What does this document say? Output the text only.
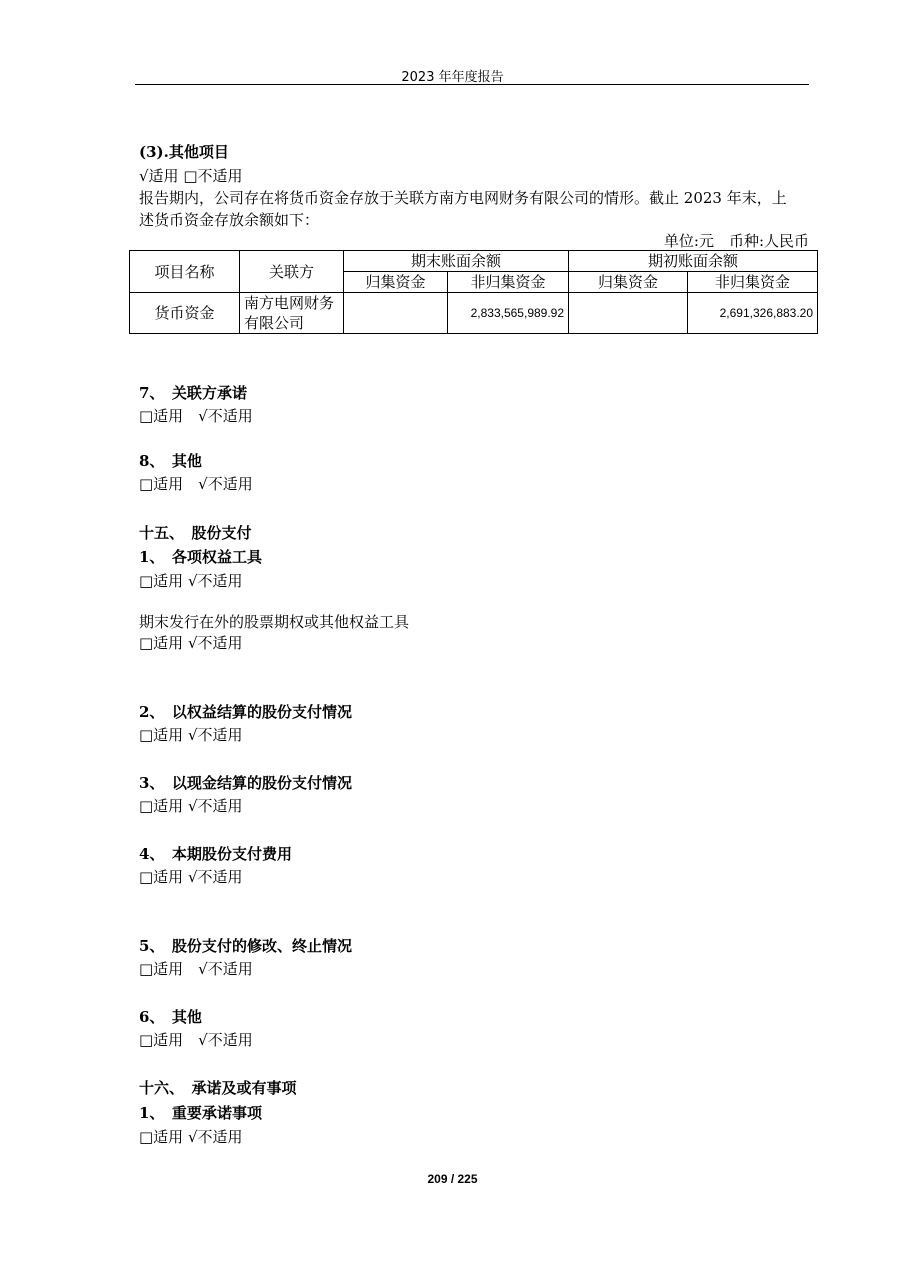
2023 年年度报告
(3).其他项目
√适用 □不适用
报告期内，公司存在将货币资金存放于关联方南方电网财务有限公司的情形。截止 2023 年末，上
述货币资金存放余额如下：
单位:元　币种:人民币
项目名称	关联方	期末账面余额		期初账面余额	
		归集资金	非归集资金	归集资金	非归集资金
货币资金	南方电网财务有限公司		2,833,565,989.92		2,691,326,883.20
7、　关联方承诺
□适用　√不适用
8、　其他
□适用　√不适用
十五、　股份支付
1、　各项权益工具
□适用 √不适用
期末发行在外的股票期权或其他权益工具
□适用 √不适用
2、　以权益结算的股份支付情况
□适用 √不适用
3、　以现金结算的股份支付情况
□适用 √不适用
4、　本期股份支付费用
□适用 √不适用
5、　股份支付的修改、终止情况
□适用　√不适用
6、　其他
□适用　√不适用
十六、　承诺及或有事项
1、　重要承诺事项
□适用 √不适用
209 / 225
